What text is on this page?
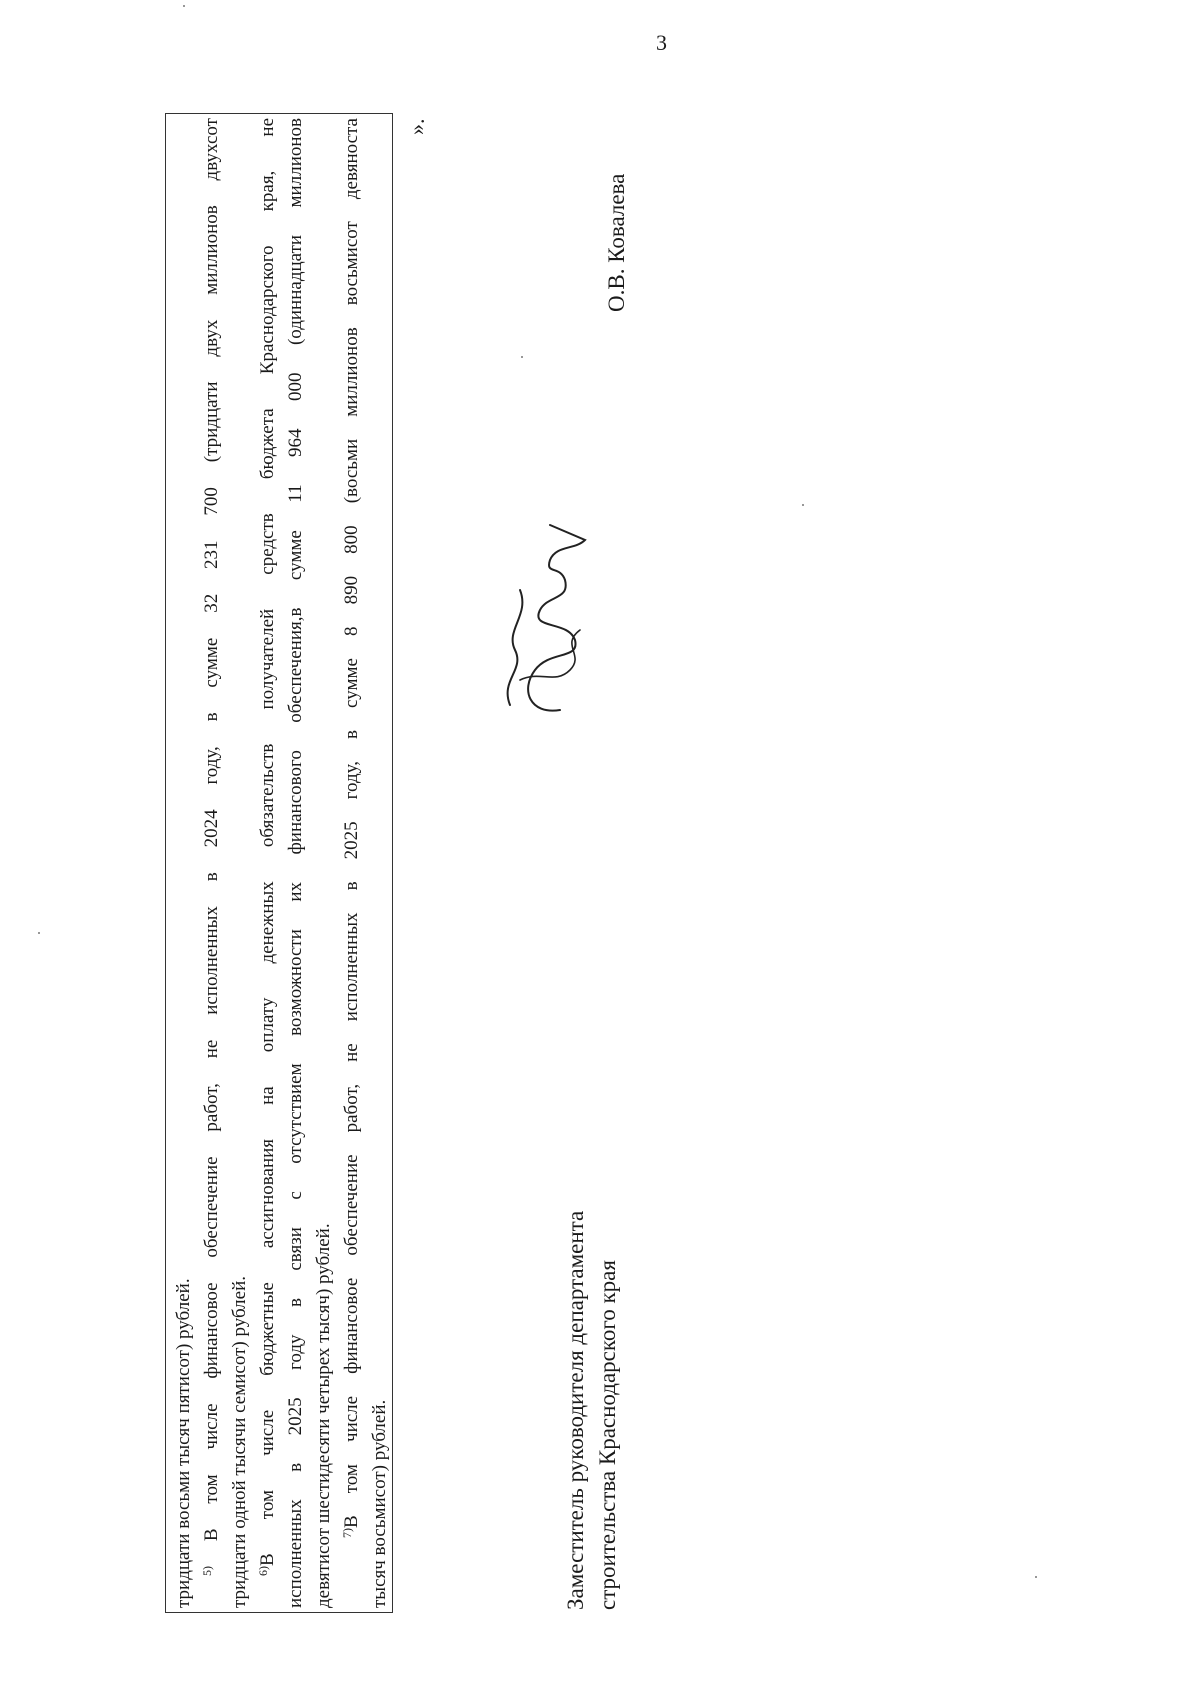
3
тридцати восьми тысяч пятисот) рублей. $^{5)}$ В том числе финансовое обеспечение работ, не исполненных в 2024 году, в сумме 32 231 700 (тридцати двух миллионов двухсот тридцати одной тысячи семисот) рублей. $^{6)}$В том числе бюджетные ассигнования на оплату денежных обязательств получателей средств бюджета Краснодарского края, не исполненных в 2025 году в связи с отсутствием возможности их финансового обеспечения,в сумме 11 964 000 (одиннадцати миллионов девятисот шестидесяти четырех тысяч) рублей. $^{7)}$В том числе финансовое обеспечение работ, не исполненных в 2025 году, в сумме 8 890 800 (восьми миллионов восьмисот девяноста тысяч восьмисот) рублей.
».
Заместитель руководителя департамента строительства Краснодарского края
О.В. Ковалева
